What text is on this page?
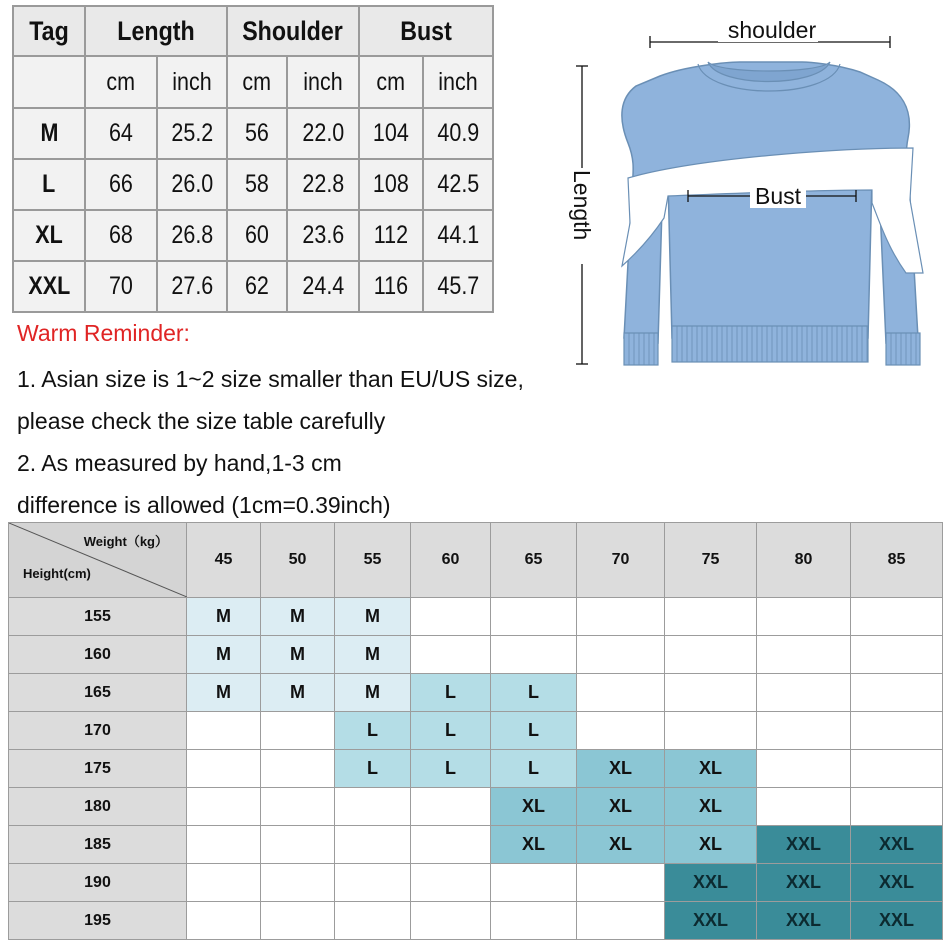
Tag	Length		Shoulder		Bust	
	cm	inch	cm	inch	cm	inch
M	64	25.2	56	22.0	104	40.9
L	66	26.0	58	22.8	108	42.5
XL	68	26.8	60	23.6	112	44.1
XXL	70	27.6	62	24.4	116	45.7
Warm Reminder:
1. Asian size is 1~2 size smaller than EU/US size,
please check the size table carefully
2. As measured by hand,1-3 cm
difference is allowed (1cm=0.39inch)
shoulder
Bust
Length
Weight（kg）
Height(cm)	45	50	55	60	65	70	75	80	85
155	M	M	M						
160	M	M	M						
165	M	M	M	L	L				
170			L	L	L				
175			L	L	L	XL	XL		
180					XL	XL	XL		
185					XL	XL	XL	XXL	XXL
190							XXL	XXL	XXL
195							XXL	XXL	XXL
